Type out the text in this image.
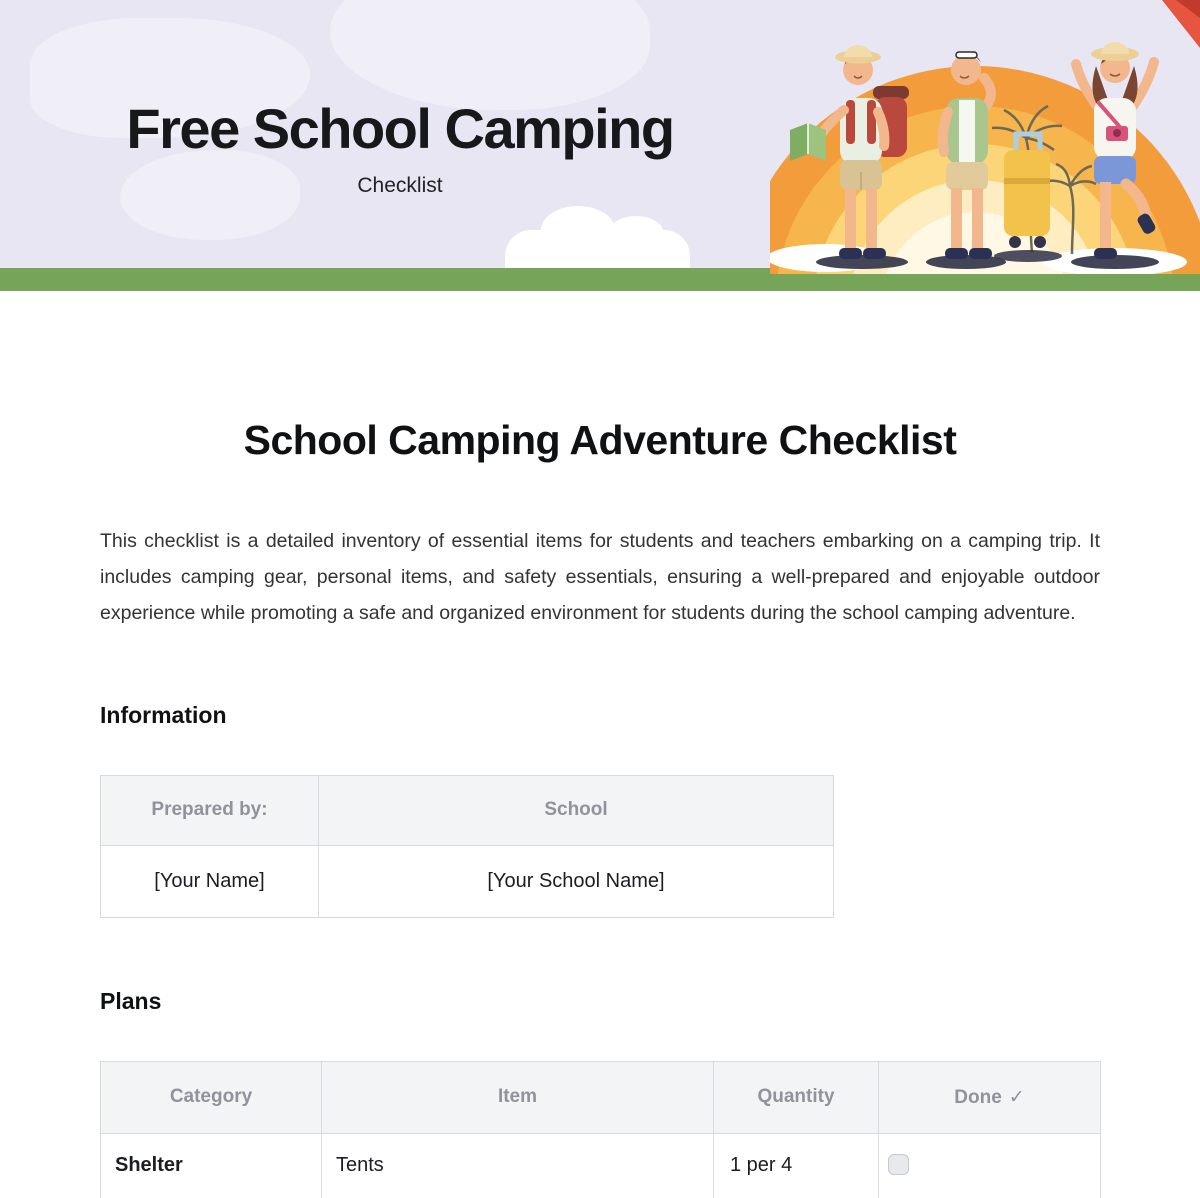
Free School Camping
Checklist
School Camping Adventure Checklist

This checklist is a detailed inventory of essential items for students and teachers embarking on a camping trip. It includes camping gear, personal items, and safety essentials, ensuring a well-prepared and enjoyable outdoor experience while promoting a safe and organized environment for students during the school camping adventure.

Information
Prepared by:	School
[Your Name]	[Your School Name]
Plans
Category	Item	Quantity	Done ✓
Shelter	Tents	1 per 4	
